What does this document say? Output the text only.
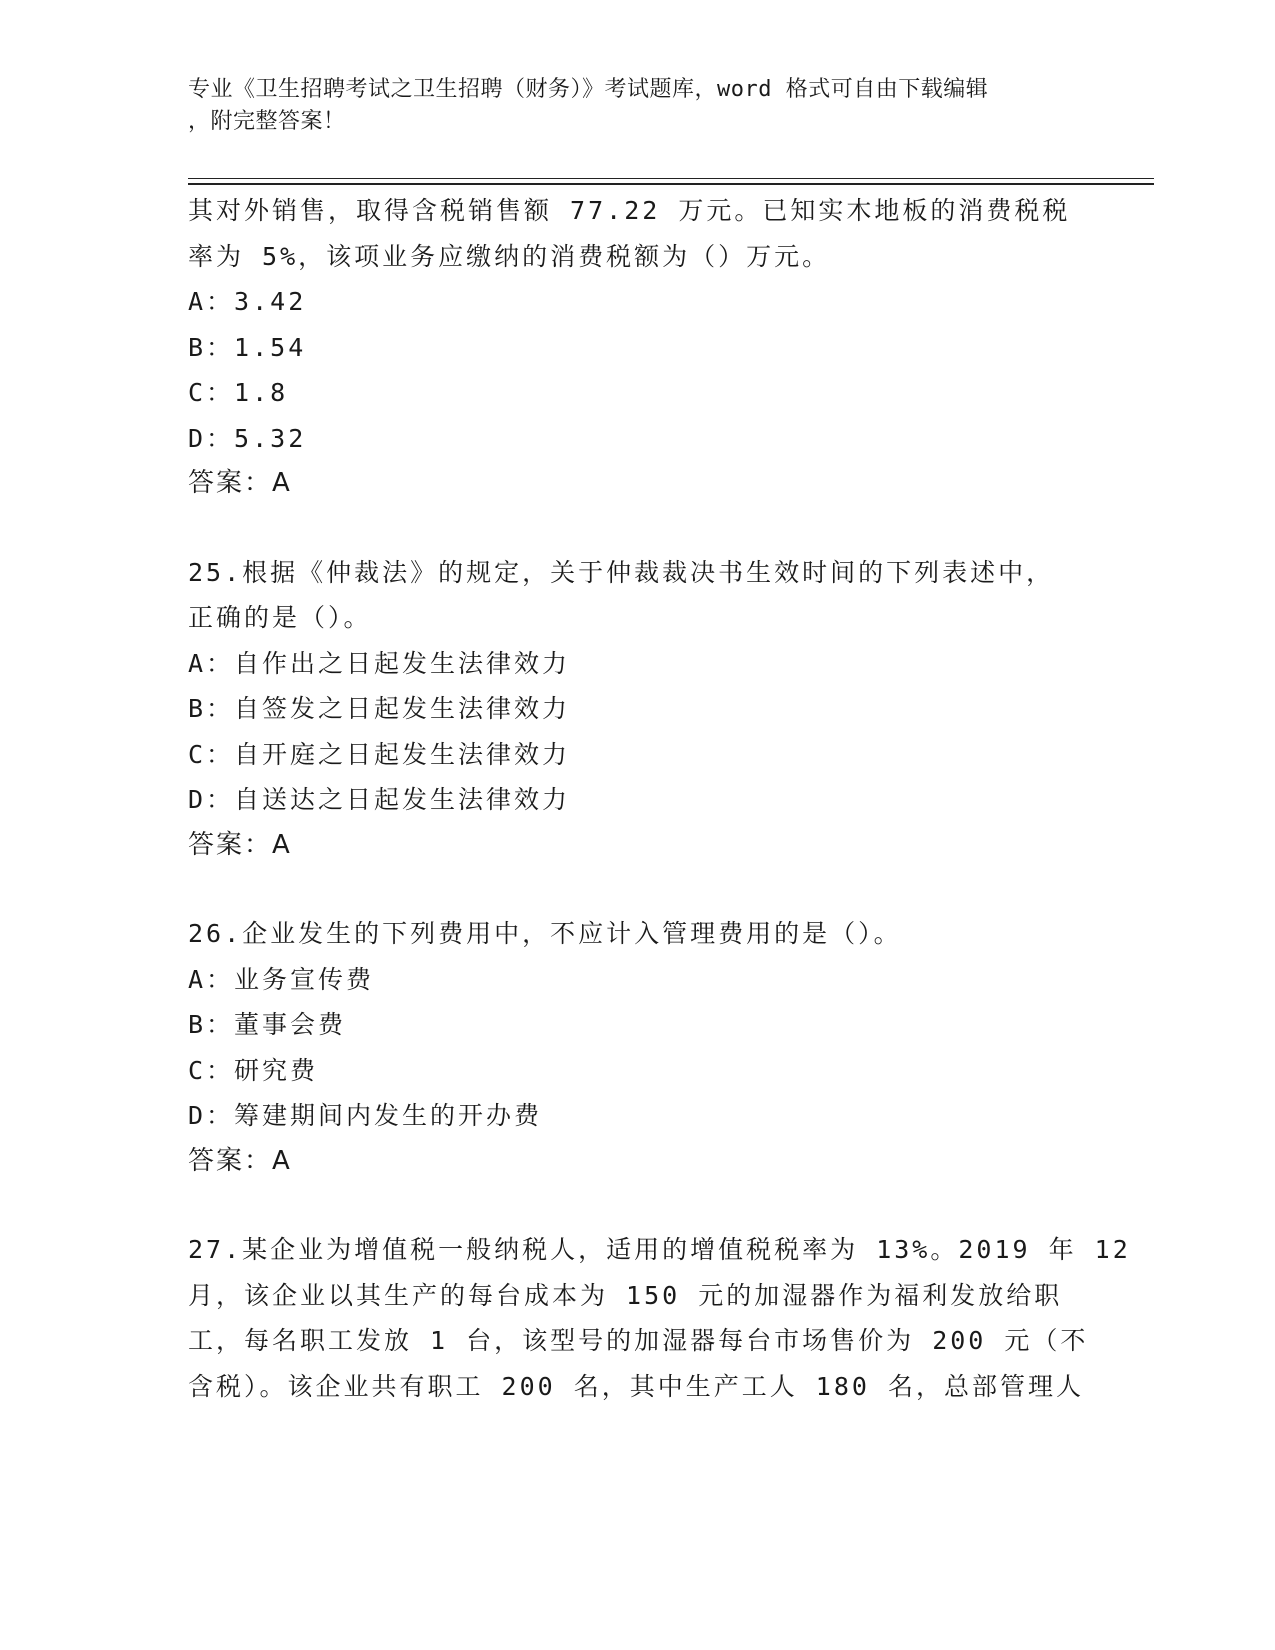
专业《卫生招聘考试之卫生招聘（财务）》考试题库，word 格式可自由下载编辑
，附完整答案！
其对外销售，取得含税销售额 77.22 万元。已知实木地板的消费税税
率为 5%，该项业务应缴纳的消费税额为（）万元。
A：3.42
B：1.54
C：1.8
D：5.32
答案：A
25.根据《仲裁法》的规定，关于仲裁裁决书生效时间的下列表述中，
正确的是（）。
A：自作出之日起发生法律效力
B：自签发之日起发生法律效力
C：自开庭之日起发生法律效力
D：自送达之日起发生法律效力
答案：A
26.企业发生的下列费用中，不应计入管理费用的是（）。
A：业务宣传费
B：董事会费
C：研究费
D：筹建期间内发生的开办费
答案：A
27.某企业为增值税一般纳税人，适用的增值税税率为 13%。2019 年 12
月，该企业以其生产的每台成本为 150 元的加湿器作为福利发放给职
工，每名职工发放 1 台，该型号的加湿器每台市场售价为 200 元（不
含税）。该企业共有职工 200 名，其中生产工人 180 名，总部管理人
